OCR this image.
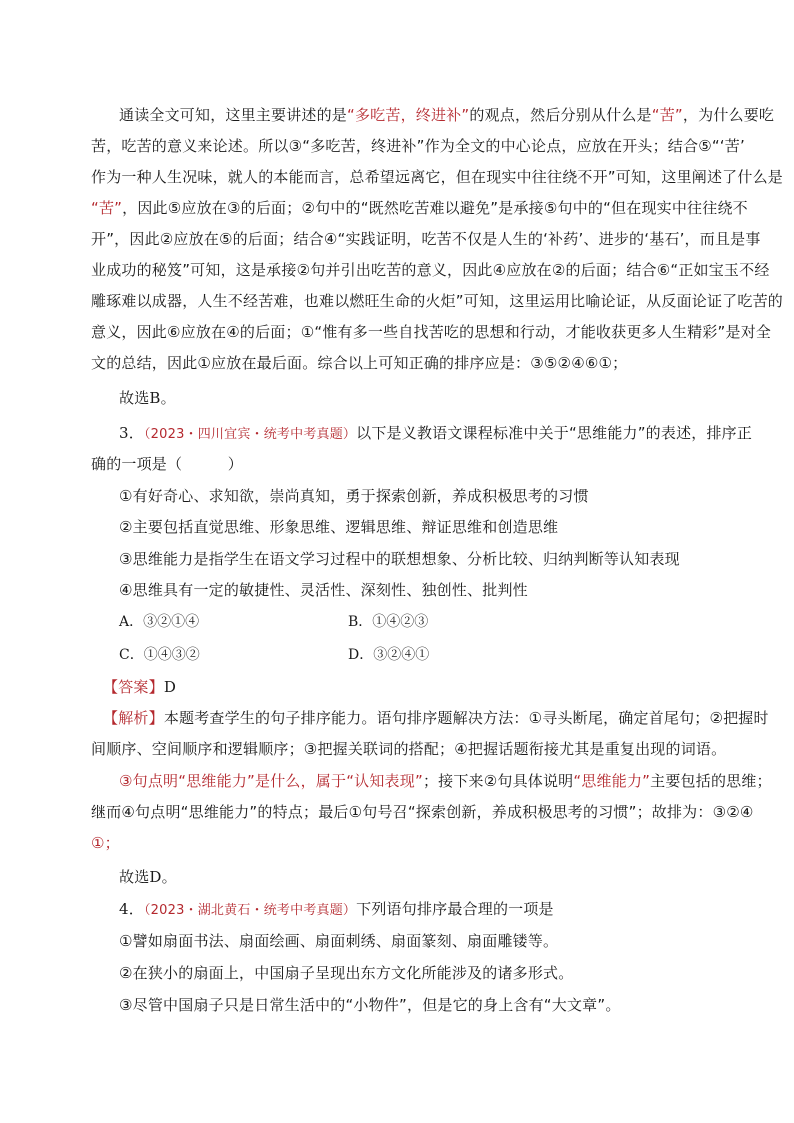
通读全文可知，这里主要讲述的是“多吃苦，终进补”的观点，然后分别从什么是“苦”，为什么要吃
苦，吃苦的意义来论述。所以③“多吃苦，终进补”作为全文的中心论点，应放在开头；结合⑤“‘苦’
作为一种人生况味，就人的本能而言，总希望远离它，但在现实中往往绕不开”可知，这里阐述了什么是
“苦”，因此⑤应放在③的后面；②句中的“既然吃苦难以避免”是承接⑤句中的“但在现实中往往绕不
开”，因此②应放在⑤的后面；结合④“实践证明，吃苦不仅是人生的‘补药’、进步的‘基石’，而且是事
业成功的秘笈”可知，这是承接②句并引出吃苦的意义，因此④应放在②的后面；结合⑥“正如宝玉不经
雕琢难以成器，人生不经苦难，也难以燃旺生命的火炬”可知，这里运用比喻论证，从反面论证了吃苦的
意义，因此⑥应放在④的后面；①“惟有多一些自找苦吃的思想和行动，才能收获更多人生精彩”是对全
文的总结，因此①应放在最后面。综合以上可知正确的排序应是：③⑤②④⑥①；
故选B。
3．（2023・四川宜宾・统考中考真题）以下是义教语文课程标准中关于“思维能力”的表述，排序正
确的一项是（　　　）
①有好奇心、求知欲，崇尚真知，勇于探索创新，养成积极思考的习惯
②主要包括直觉思维、形象思维、逻辑思维、辩证思维和创造思维
③思维能力是指学生在语文学习过程中的联想想象、分析比较、归纳判断等认知表现
④思维具有一定的敏捷性、灵活性、深刻性、独创性、批判性
A．③②①④	B．①④②③
C．①④③②	D．③②④①
【答案】D
【解析】本题考查学生的句子排序能力。语句排序题解决方法：①寻头断尾，确定首尾句；②把握时
间顺序、空间顺序和逻辑顺序；③把握关联词的搭配；④把握话题衔接尤其是重复出现的词语。
③句点明“思维能力”是什么，属于“认知表现”；接下来②句具体说明“思维能力”主要包括的思维；
继而④句点明“思维能力”的特点；最后①句号召“探索创新，养成积极思考的习惯”；故排为：③②④
①；
故选D。
4．（2023・湖北黄石・统考中考真题）下列语句排序最合理的一项是
①譬如扇面书法、扇面绘画、扇面刺绣、扇面篆刻、扇面雕镂等。
②在狭小的扇面上，中国扇子呈现出东方文化所能涉及的诸多形式。
③尽管中国扇子只是日常生活中的“小物件”，但是它的身上含有“大文章”。
